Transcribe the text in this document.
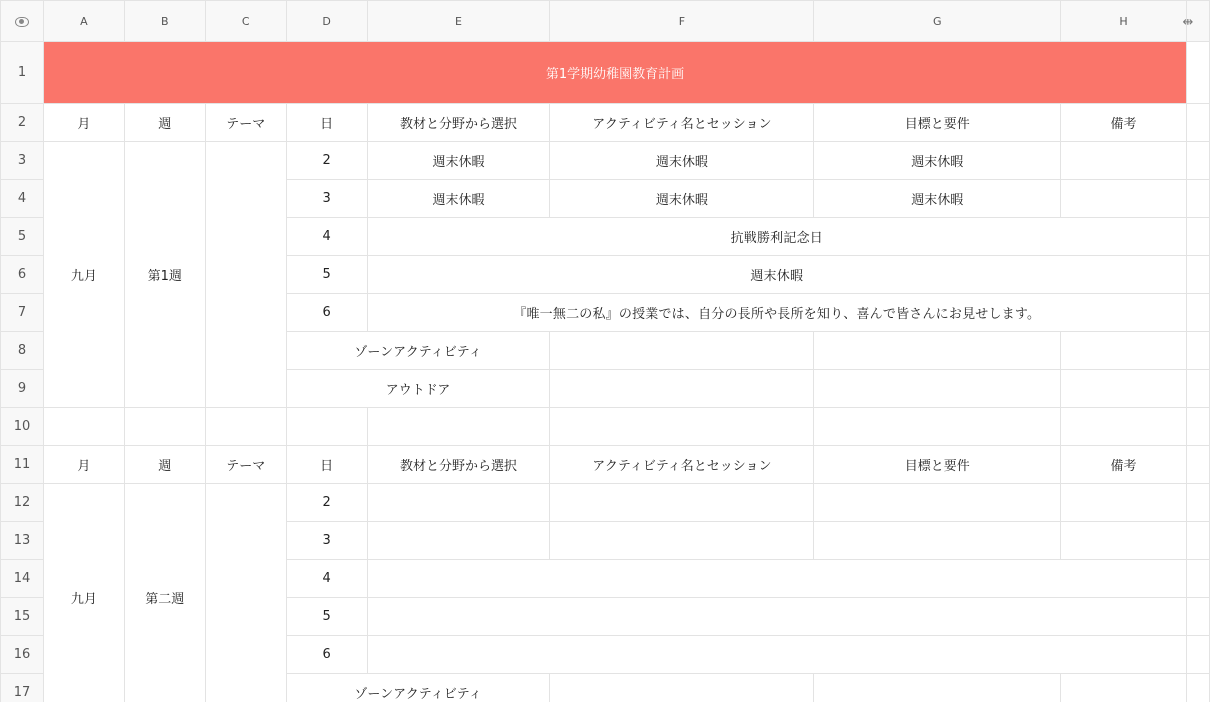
	A	B	C	D	E	F	G	H	
1	第1学期幼稚園教育計画								
2	月	週	テーマ	日	教材と分野から選択	アクティビティ名とセッション	目標と要件	備考	
3	九月	第1週		2	週末休暇	週末休暇	週末休暇		
4				3	週末休暇	週末休暇	週末休暇		
5				4	抗戦勝利記念日				
6				5	週末休暇				
7				6	『唯一無二の私』の授業では、自分の長所や長所を知り、喜んで皆さんにお見せします。				
8				ゾーンアクティビティ					
9				アウトドア					
10									
11	月	週	テーマ	日	教材と分野から選択	アクティビティ名とセッション	目標と要件	備考	
12	九月	第二週		2					
13				3					
14				4					
15				5					
16				6					
17				ゾーンアクティビティ					
⇹
